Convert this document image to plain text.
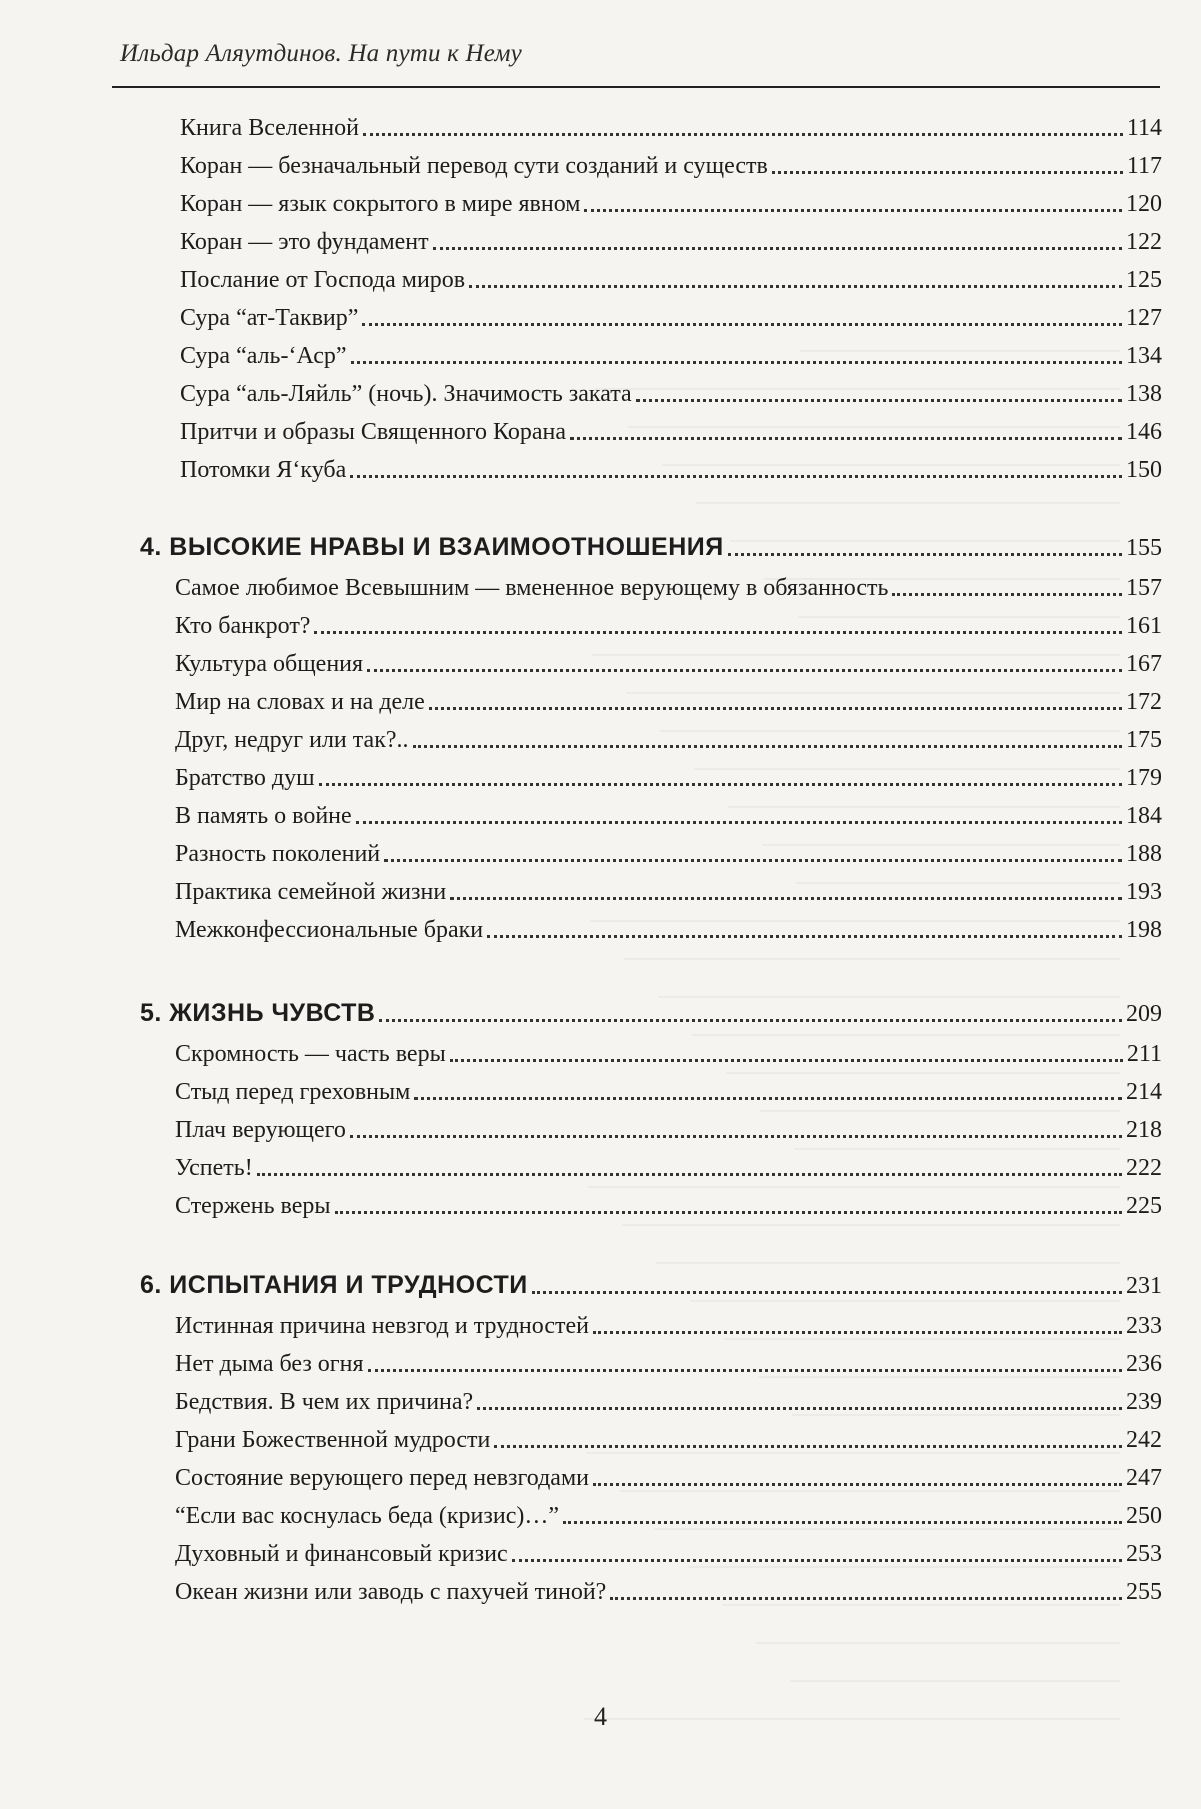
Ильдар Аляутдинов. На пути к Нему
Книга Вселенной	114
Коран — безначальный перевод сути созданий и существ	117
Коран — язык сокрытого в мире явном	120
Коран — это фундамент	122
Послание от Господа миров	125
Сура “ат-Таквир”	127
Сура “аль-‘Аср”	134
Сура “аль-Ляйль” (ночь). Значимость заката	138
Притчи и образы Священного Корана	146
Потомки Я‘куба	150
4. ВЫСОКИЕ НРАВЫ И ВЗАИМООТНОШЕНИЯ	155
Самое любимое Всевышним — вмененное верующему в обязанность	157
Кто банкрот?	161
Культура общения	167
Мир на словах и на деле	172
Друг, недруг или так?..	175
Братство душ	179
В память о войне	184
Разность поколений	188
Практика семейной жизни	193
Межконфессиональные браки	198
5. ЖИЗНЬ ЧУВСТВ	209
Скромность — часть веры	211
Стыд перед греховным	214
Плач верующего	218
Успеть!	222
Стержень веры	225
6. ИСПЫТАНИЯ И ТРУДНОСТИ	231
Истинная причина невзгод и трудностей	233
Нет дыма без огня	236
Бедствия. В чем их причина?	239
Грани Божественной мудрости	242
Состояние верующего перед невзгодами	247
“Если вас коснулась беда (кризис)…”	250
Духовный и финансовый кризис	253
Океан жизни или заводь с пахучей тиной?	255
4
